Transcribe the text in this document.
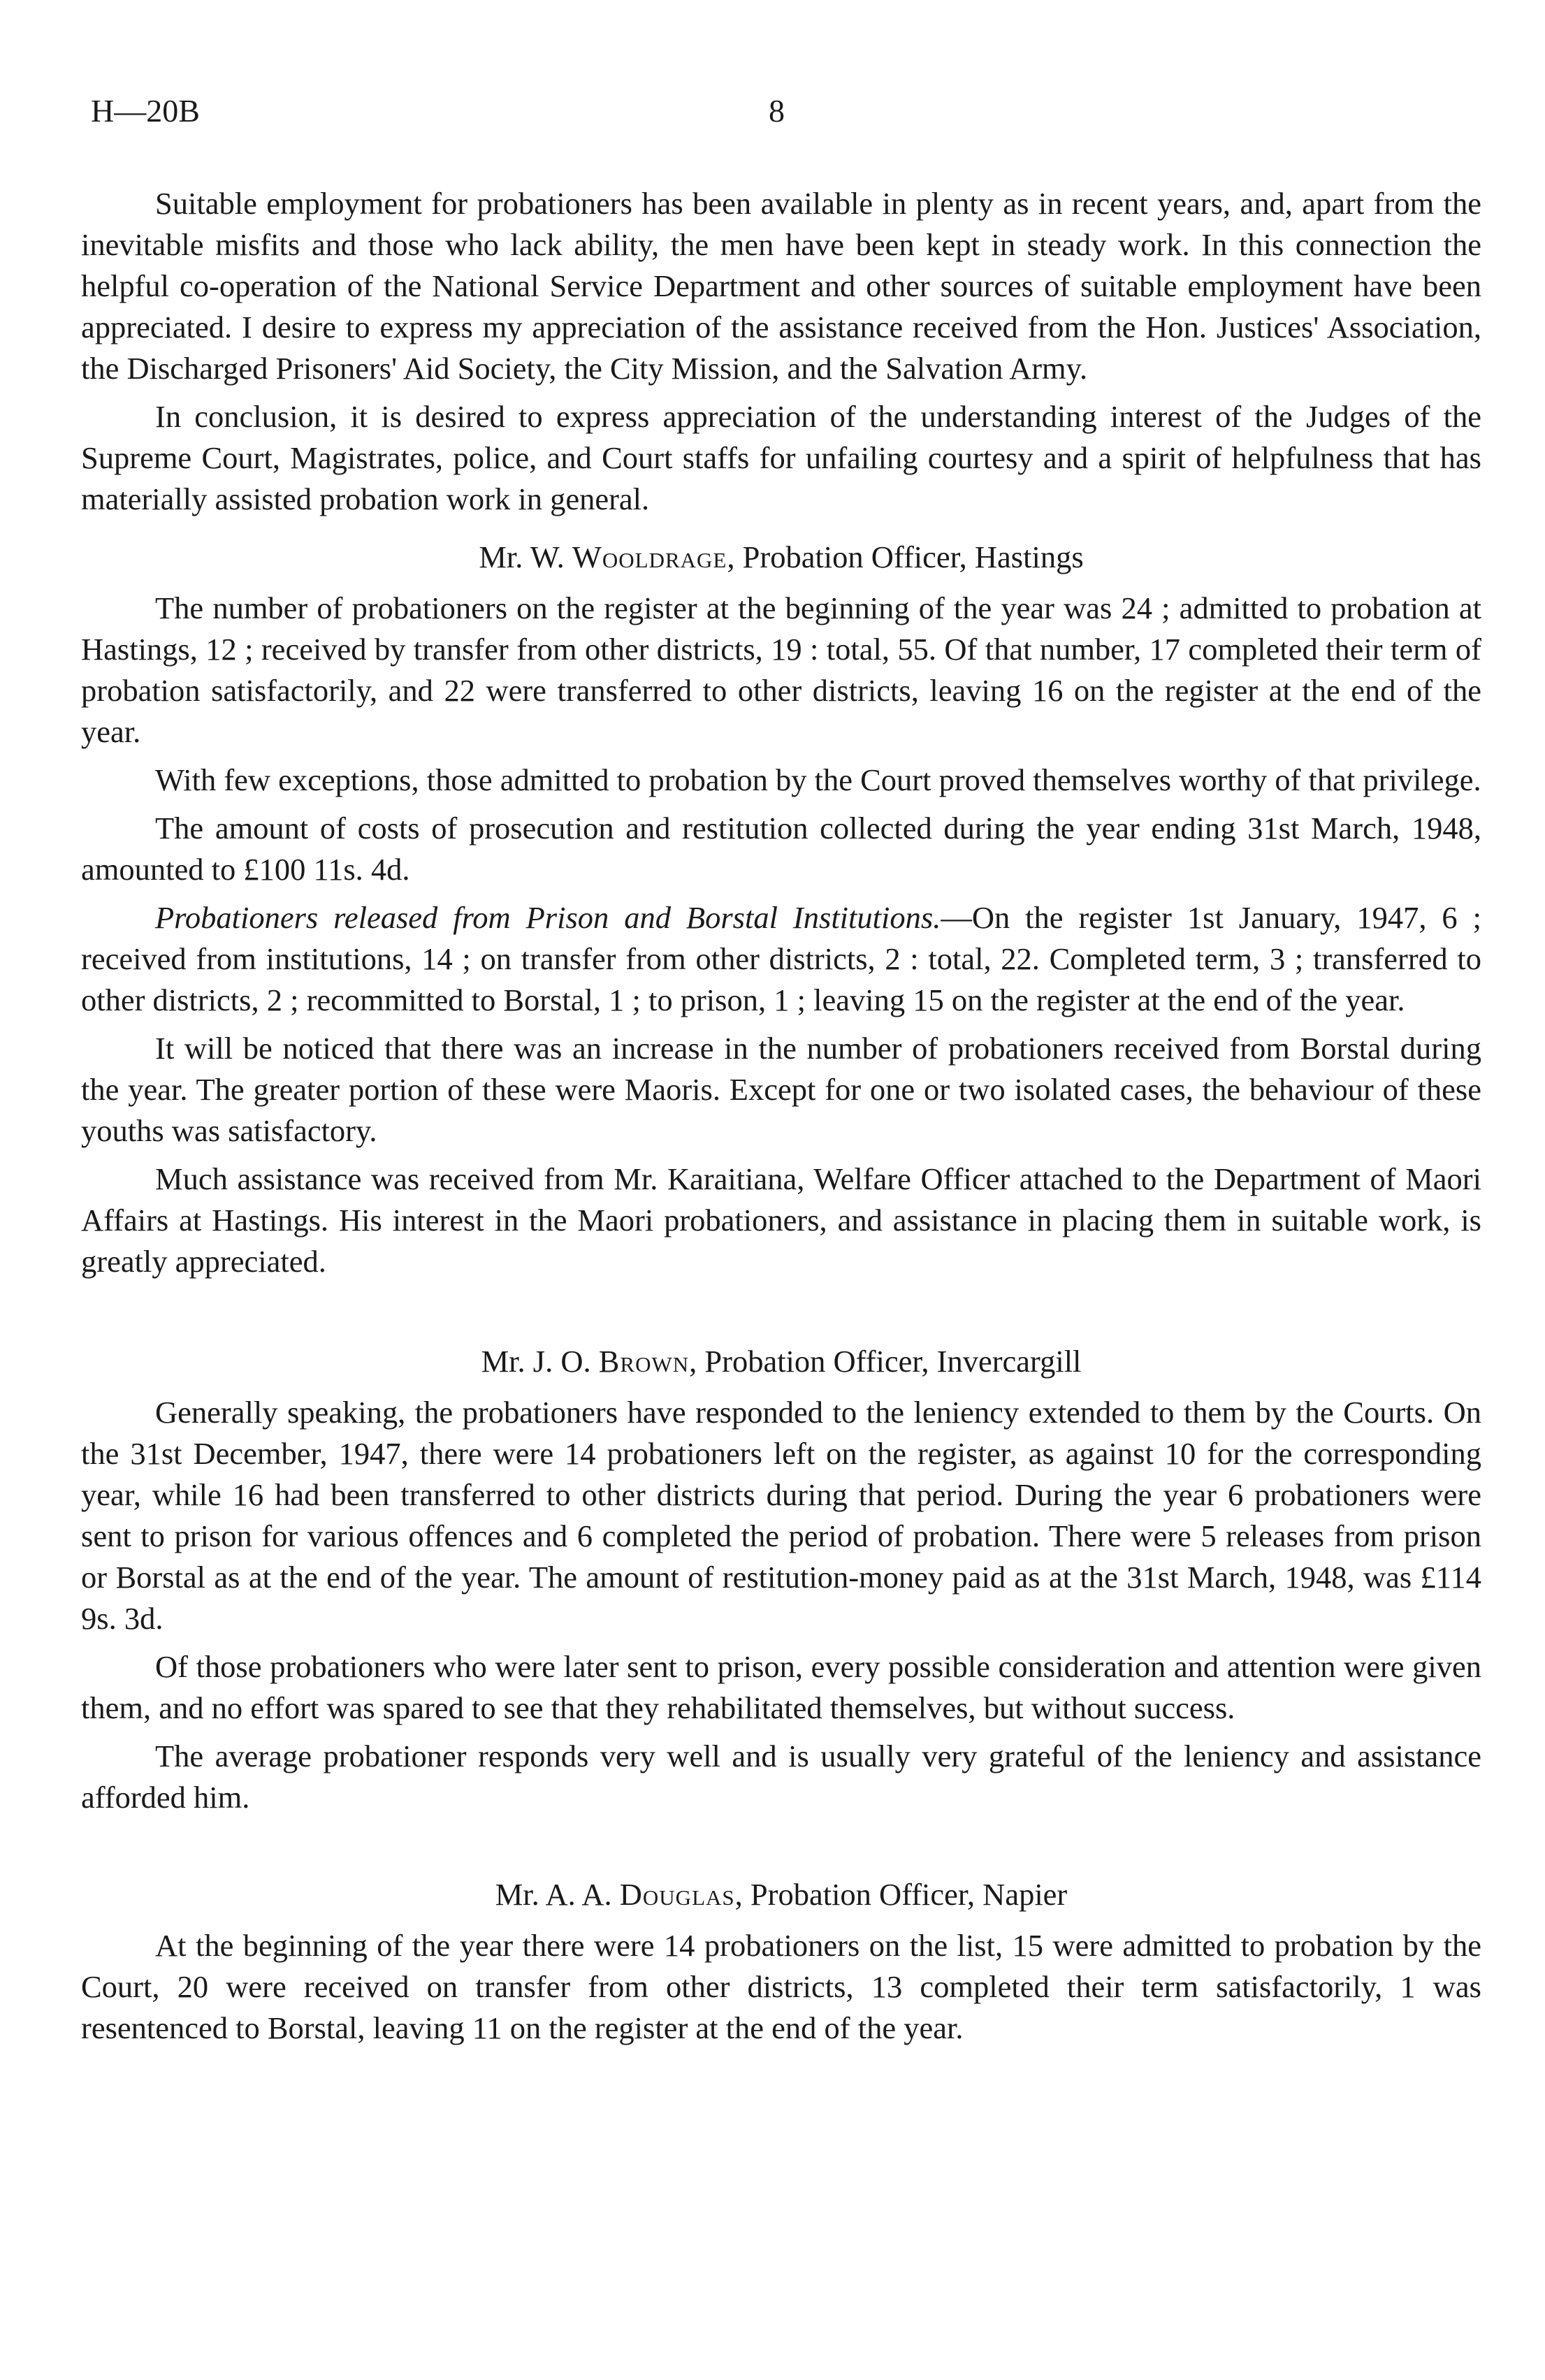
H—20B	8

Suitable employment for probationers has been available in plenty as in recent years, and, apart from the inevitable misfits and those who lack ability, the men have been kept in steady work. In this connection the helpful co-operation of the National Service Department and other sources of suitable employment have been appreciated. I desire to express my appreciation of the assistance received from the Hon. Justices' Association, the Discharged Prisoners' Aid Society, the City Mission, and the Salvation Army.

In conclusion, it is desired to express appreciation of the understanding interest of the Judges of the Supreme Court, Magistrates, police, and Court staffs for unfailing courtesy and a spirit of helpfulness that has materially assisted probation work in general.

Mr. W. Wooldrage, Probation Officer, Hastings

The number of probationers on the register at the beginning of the year was 24 ; admitted to probation at Hastings, 12 ; received by transfer from other districts, 19 : total, 55. Of that number, 17 completed their term of probation satisfactorily, and 22 were transferred to other districts, leaving 16 on the register at the end of the year.

With few exceptions, those admitted to probation by the Court proved themselves worthy of that privilege.

The amount of costs of prosecution and restitution collected during the year ending 31st March, 1948, amounted to £100 11s. 4d.

Probationers released from Prison and Borstal Institutions.—On the register 1st January, 1947, 6 ; received from institutions, 14 ; on transfer from other districts, 2 : total, 22. Completed term, 3 ; transferred to other districts, 2 ; recommitted to Borstal, 1 ; to prison, 1 ; leaving 15 on the register at the end of the year.

It will be noticed that there was an increase in the number of probationers received from Borstal during the year. The greater portion of these were Maoris. Except for one or two isolated cases, the behaviour of these youths was satisfactory.

Much assistance was received from Mr. Karaitiana, Welfare Officer attached to the Department of Maori Affairs at Hastings. His interest in the Maori probationers, and assistance in placing them in suitable work, is greatly appreciated.

Mr. J. O. Brown, Probation Officer, Invercargill

Generally speaking, the probationers have responded to the leniency extended to them by the Courts. On the 31st December, 1947, there were 14 probationers left on the register, as against 10 for the corresponding year, while 16 had been transferred to other districts during that period. During the year 6 probationers were sent to prison for various offences and 6 completed the period of probation. There were 5 releases from prison or Borstal as at the end of the year. The amount of restitution-money paid as at the 31st March, 1948, was £114 9s. 3d.

Of those probationers who were later sent to prison, every possible consideration and attention were given them, and no effort was spared to see that they rehabilitated themselves, but without success.

The average probationer responds very well and is usually very grateful of the leniency and assistance afforded him.

Mr. A. A. Douglas, Probation Officer, Napier

At the beginning of the year there were 14 probationers on the list, 15 were admitted to probation by the Court, 20 were received on transfer from other districts, 13 completed their term satisfactorily, 1 was resentenced to Borstal, leaving 11 on the register at the end of the year.
